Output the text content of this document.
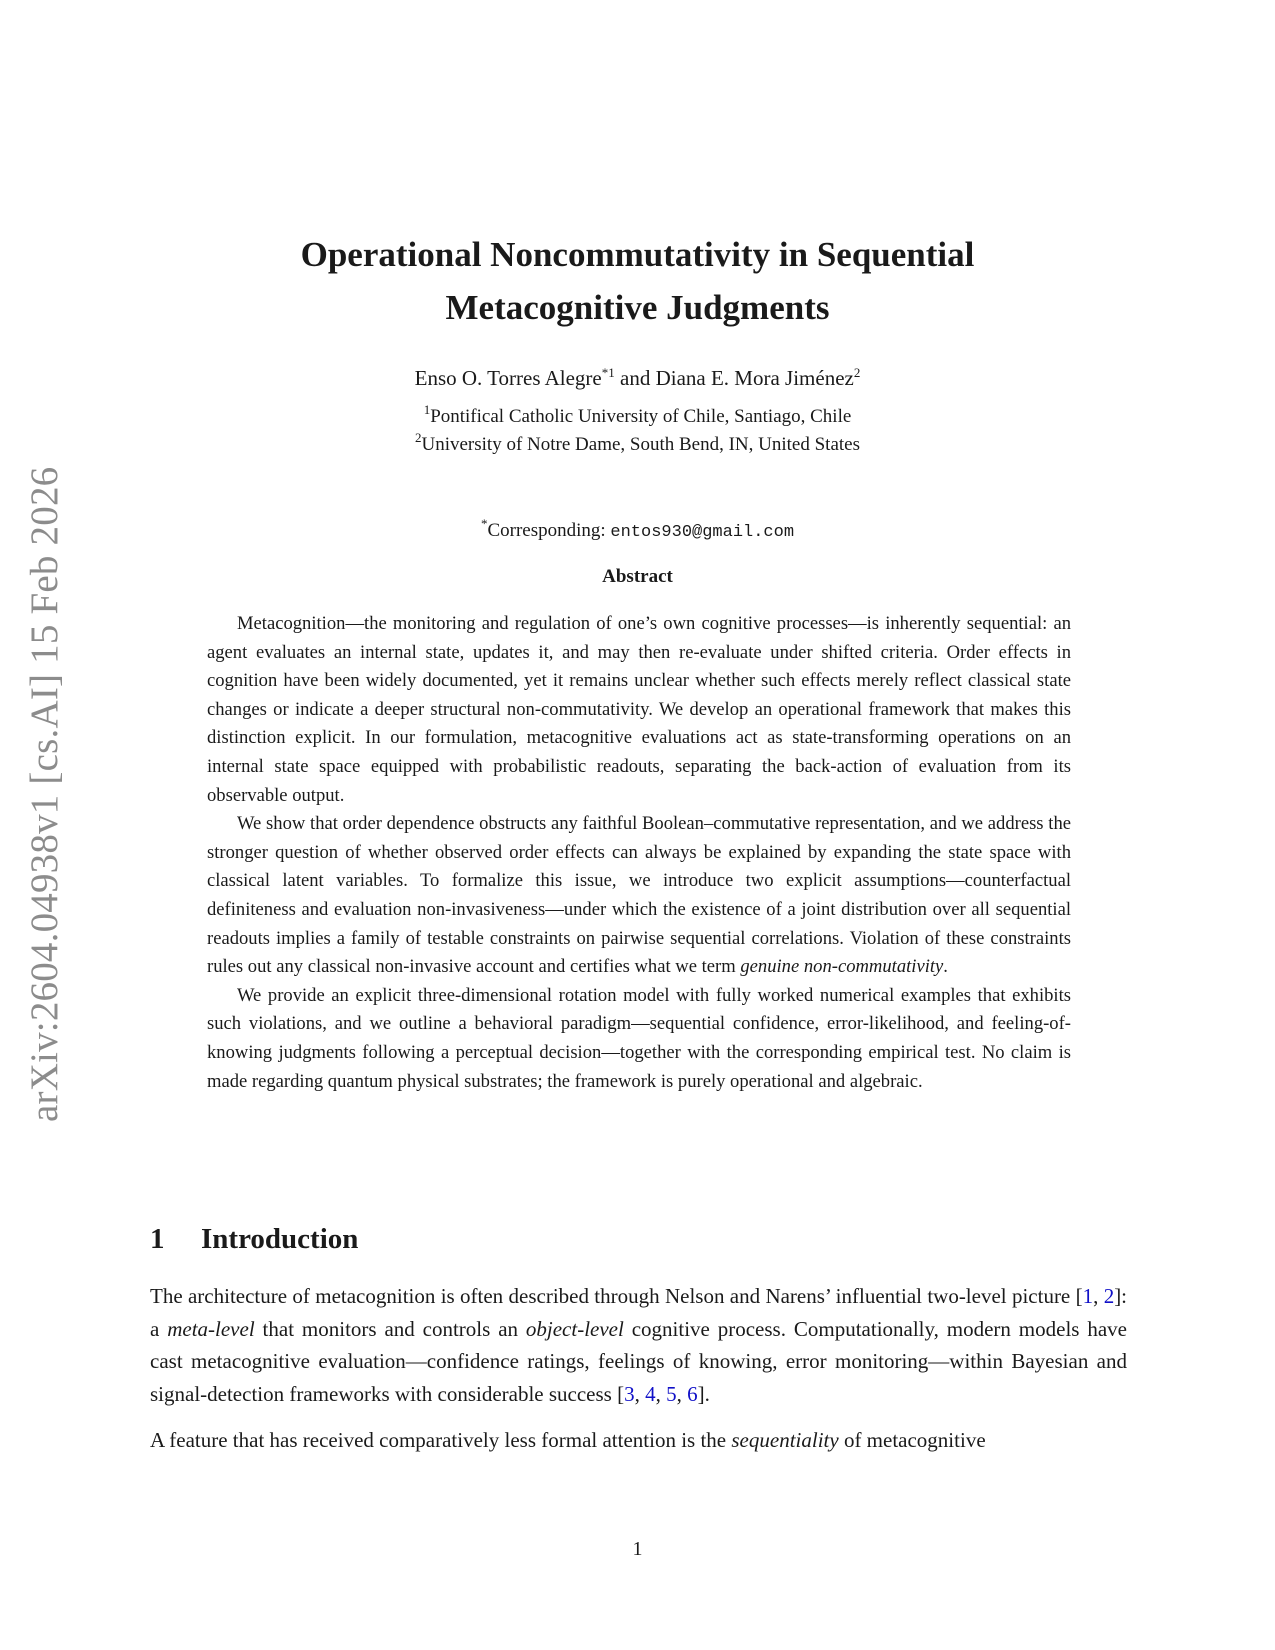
arXiv:2604.04938v1 [cs.AI] 15 Feb 2026
Operational Noncommutativity in Sequential
Metacognitive Judgments
Enso O. Torres Alegre$^{*1}$ and Diana E. Mora Jiménez$^2$
$^1$Pontifical Catholic University of Chile, Santiago, Chile
$^2$University of Notre Dame, South Bend, IN, United States
*Corresponding: entos930@gmail.com
Abstract

Metacognition—the monitoring and regulation of one’s own cognitive processes—is inherently sequential: an agent evaluates an internal state, updates it, and may then re-evaluate under shifted criteria. Order effects in cognition have been widely documented, yet it remains unclear whether such effects merely reflect classical state changes or indicate a deeper structural non-commutativity. We develop an operational framework that makes this distinction explicit. In our formulation, metacognitive evaluations act as state-transforming operations on an internal state space equipped with probabilistic readouts, separating the back-action of evaluation from its observable output.

We show that order dependence obstructs any faithful Boolean–commutative representation, and we address the stronger question of whether observed order effects can always be explained by expanding the state space with classical latent variables. To formalize this issue, we introduce two explicit assumptions—counterfactual definiteness and evaluation non-invasiveness—under which the existence of a joint distribution over all sequential readouts implies a family of testable constraints on pairwise sequential correlations. Violation of these constraints rules out any classical non-invasive account and certifies what we term genuine non-commutativity.

We provide an explicit three-dimensional rotation model with fully worked numerical examples that exhibits such violations, and we outline a behavioral paradigm—sequential confidence, error-likelihood, and feeling-of-knowing judgments following a perceptual decision—together with the corresponding empirical test. No claim is made regarding quantum physical substrates; the framework is purely operational and algebraic.

1 Introduction

The architecture of metacognition is often described through Nelson and Narens’ influential two-level picture [1, 2]: a meta-level that monitors and controls an object-level cognitive process. Computationally, modern models have cast metacognitive evaluation—confidence ratings, feelings of knowing, error monitoring—within Bayesian and signal-detection frameworks with considerable success [3, 4, 5, 6].

A feature that has received comparatively less formal attention is the sequentiality of metacognitive

1
